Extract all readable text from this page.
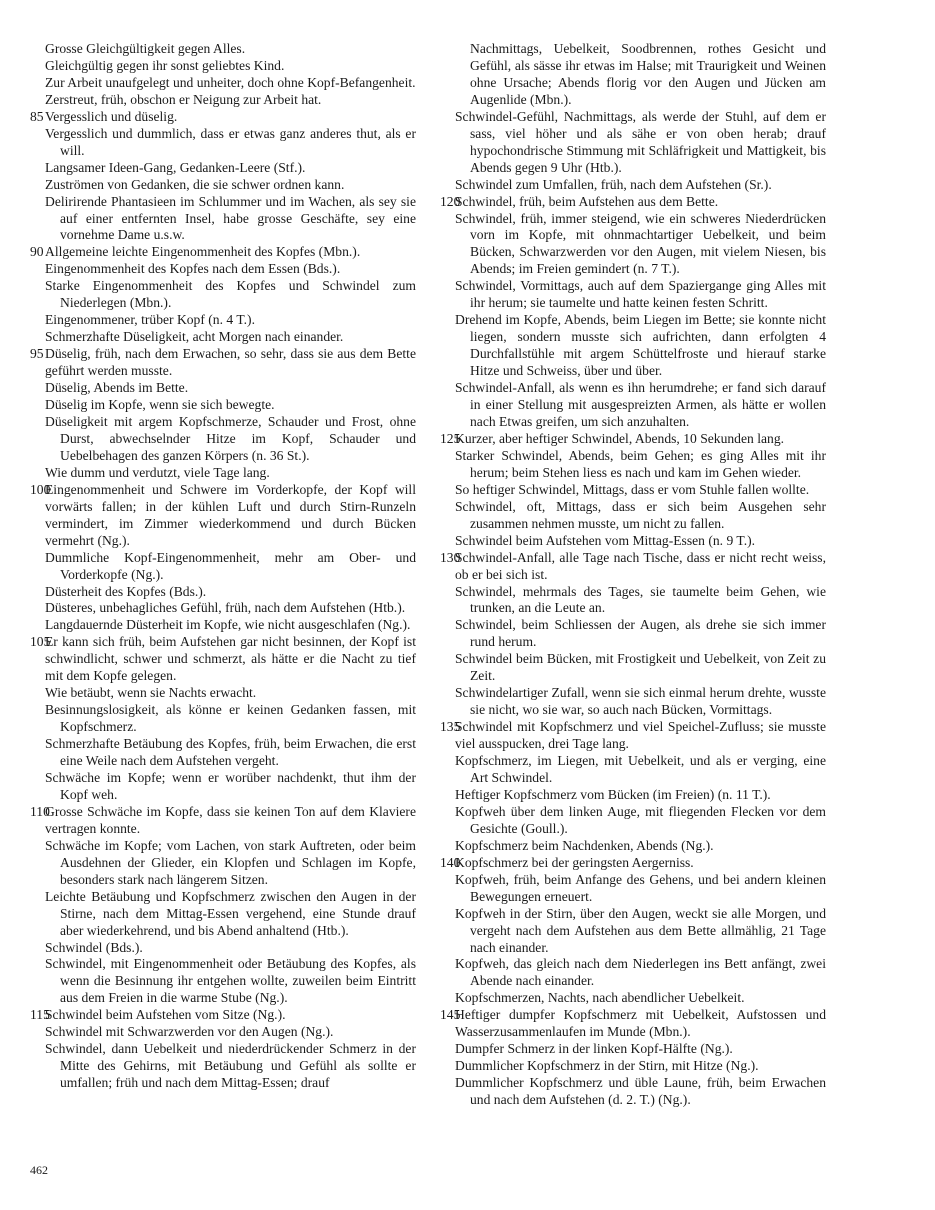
Grosse Gleichgültigkeit gegen Alles.
Gleichgültig gegen ihr sonst geliebtes Kind.
Zur Arbeit unaufgelegt und unheiter, doch ohne Kopf-Befangenheit.
Zerstreut, früh, obschon er Neigung zur Arbeit hat.
85 Vergesslich und düselig.
Vergesslich und dummlich, dass er etwas ganz anderes thut, als er will.
Langsamer Ideen-Gang, Gedanken-Leere (Stf.).
Zuströmen von Gedanken, die sie schwer ordnen kann.
Delirirende Phantasieen im Schlummer und im Wachen, als sey sie auf einer entfernten Insel, habe grosse Geschäfte, sey eine vornehme Dame u.s.w.
90 Allgemeine leichte Eingenommenheit des Kopfes (Mbn.).
Eingenommenheit des Kopfes nach dem Essen (Bds.).
Starke Eingenommenheit des Kopfes und Schwindel zum Niederlegen (Mbn.).
Eingenommener, trüber Kopf (n. 4 T.).
Schmerzhafte Düseligkeit, acht Morgen nach einander.
95 Düselig, früh, nach dem Erwachen, so sehr, dass sie aus dem Bette geführt werden musste.
Düselig, Abends im Bette.
Düselig im Kopfe, wenn sie sich bewegte.
Düseligkeit mit argem Kopfschmerze, Schauder und Frost, ohne Durst, abwechselnder Hitze im Kopf, Schauder und Uebelbehagen des ganzen Körpers (n. 36 St.).
Wie dumm und verdutzt, viele Tage lang.
100
Eingenommenheit und Schwere im Vorderkopfe, der Kopf will vorwärts fallen; in der kühlen Luft und durch Stirn-Runzeln vermindert, im Zimmer wiederkommend und durch Bücken vermehrt (Ng.).
Dummliche Kopf-Eingenommenheit, mehr am Ober- und Vorderkopfe (Ng.).
Düsterheit des Kopfes (Bds.).
Düsteres, unbehagliches Gefühl, früh, nach dem Aufstehen (Htb.).
Langdauernde Düsterheit im Kopfe, wie nicht ausgeschlafen (Ng.).
105
Er kann sich früh, beim Aufstehen gar nicht besinnen, der Kopf ist schwindlicht, schwer und schmerzt, als hätte er die Nacht zu tief mit dem Kopfe gelegen.
Wie betäubt, wenn sie Nachts erwacht.
Besinnungslosigkeit, als könne er keinen Gedanken fassen, mit Kopfschmerz.
Schmerzhafte Betäubung des Kopfes, früh, beim Erwachen, die erst eine Weile nach dem Aufstehen vergeht.
Schwäche im Kopfe; wenn er worüber nachdenkt, thut ihm der Kopf weh.
110
Grosse Schwäche im Kopfe, dass sie keinen Ton auf dem Klaviere vertragen konnte.
Schwäche im Kopfe; vom Lachen, von stark Auftreten, oder beim Ausdehnen der Glieder, ein Klopfen und Schlagen im Kopfe, besonders stark nach längerem Sitzen.
Leichte Betäubung und Kopfschmerz zwischen den Augen in der Stirne, nach dem Mittag-Essen vergehend, eine Stunde drauf aber wiederkehrend, und bis Abend anhaltend (Htb.).
Schwindel (Bds.).
Schwindel, mit Eingenommenheit oder Betäubung des Kopfes, als wenn die Besinnung ihr entgehen wollte, zuweilen beim Eintritt aus dem Freien in die warme Stube (Ng.).
115
Schwindel beim Aufstehen vom Sitze (Ng.).
Schwindel mit Schwarzwerden vor den Augen (Ng.).
Schwindel, dann Uebelkeit und niederdrückender Schmerz in der Mitte des Gehirns, mit Betäubung und Gefühl als sollte er umfallen; früh und nach dem Mittag-Essen; drauf
Nachmittags, Uebelkeit, Soodbrennen, rothes Gesicht und Gefühl, als sässe ihr etwas im Halse; mit Traurigkeit und Weinen ohne Ursache; Abends florig vor den Augen und Jücken am Augenlide (Mbn.).
Schwindel-Gefühl, Nachmittags, als werde der Stuhl, auf dem er sass, viel höher und als sähe er von oben herab; drauf hypochondrische Stimmung mit Schläfrigkeit und Mattigkeit, bis Abends gegen 9 Uhr (Htb.).
Schwindel zum Umfallen, früh, nach dem Aufstehen (Sr.).
120
Schwindel, früh, beim Aufstehen aus dem Bette.
Schwindel, früh, immer steigend, wie ein schweres Niederdrücken vorn im Kopfe, mit ohnmachtartiger Uebelkeit, und beim Bücken, Schwarzwerden vor den Augen, mit vielem Niesen, bis Abends; im Freien gemindert (n. 7 T.).
Schwindel, Vormittags, auch auf dem Spaziergange ging Alles mit ihr herum; sie taumelte und hatte keinen festen Schritt.
Drehend im Kopfe, Abends, beim Liegen im Bette; sie konnte nicht liegen, sondern musste sich aufrichten, dann erfolgten 4 Durchfallstühle mit argem Schüttelfroste und hierauf starke Hitze und Schweiss, über und über.
Schwindel-Anfall, als wenn es ihn herumdrehe; er fand sich darauf in einer Stellung mit ausgespreizten Armen, als hätte er wollen nach Etwas greifen, um sich anzuhalten.
125
Kurzer, aber heftiger Schwindel, Abends, 10 Sekunden lang.
Starker Schwindel, Abends, beim Gehen; es ging Alles mit ihr herum; beim Stehen liess es nach und kam im Gehen wieder.
So heftiger Schwindel, Mittags, dass er vom Stuhle fallen wollte.
Schwindel, oft, Mittags, dass er sich beim Ausgehen sehr zusammen nehmen musste, um nicht zu fallen.
Schwindel beim Aufstehen vom Mittag-Essen (n. 9 T.).
130
Schwindel-Anfall, alle Tage nach Tische, dass er nicht recht weiss, ob er bei sich ist.
Schwindel, mehrmals des Tages, sie taumelte beim Gehen, wie trunken, an die Leute an.
Schwindel, beim Schliessen der Augen, als drehe sie sich immer rund herum.
Schwindel beim Bücken, mit Frostigkeit und Uebelkeit, von Zeit zu Zeit.
Schwindelartiger Zufall, wenn sie sich einmal herum drehte, wusste sie nicht, wo sie war, so auch nach Bücken, Vormittags.
135
Schwindel mit Kopfschmerz und viel Speichel-Zufluss; sie musste viel ausspucken, drei Tage lang.
Kopfschmerz, im Liegen, mit Uebelkeit, und als er verging, eine Art Schwindel.
Heftiger Kopfschmerz vom Bücken (im Freien) (n. 11 T.).
Kopfweh über dem linken Auge, mit fliegenden Flecken vor dem Gesichte (Goull.).
Kopfschmerz beim Nachdenken, Abends (Ng.).
140
Kopfschmerz bei der geringsten Aergerniss.
Kopfweh, früh, beim Anfange des Gehens, und bei andern kleinen Bewegungen erneuert.
Kopfweh in der Stirn, über den Augen, weckt sie alle Morgen, und vergeht nach dem Aufstehen aus dem Bette allmählig, 21 Tage nach einander.
Kopfweh, das gleich nach dem Niederlegen ins Bett anfängt, zwei Abende nach einander.
Kopfschmerzen, Nachts, nach abendlicher Uebelkeit.
145
Heftiger dumpfer Kopfschmerz mit Uebelkeit, Aufstossen und Wasserzusammenlaufen im Munde (Mbn.).
Dumpfer Schmerz in der linken Kopf-Hälfte (Ng.).
Dummlicher Kopfschmerz in der Stirn, mit Hitze (Ng.).
Dummlicher Kopfschmerz und üble Laune, früh, beim Erwachen und nach dem Aufstehen (d. 2. T.) (Ng.).
462
